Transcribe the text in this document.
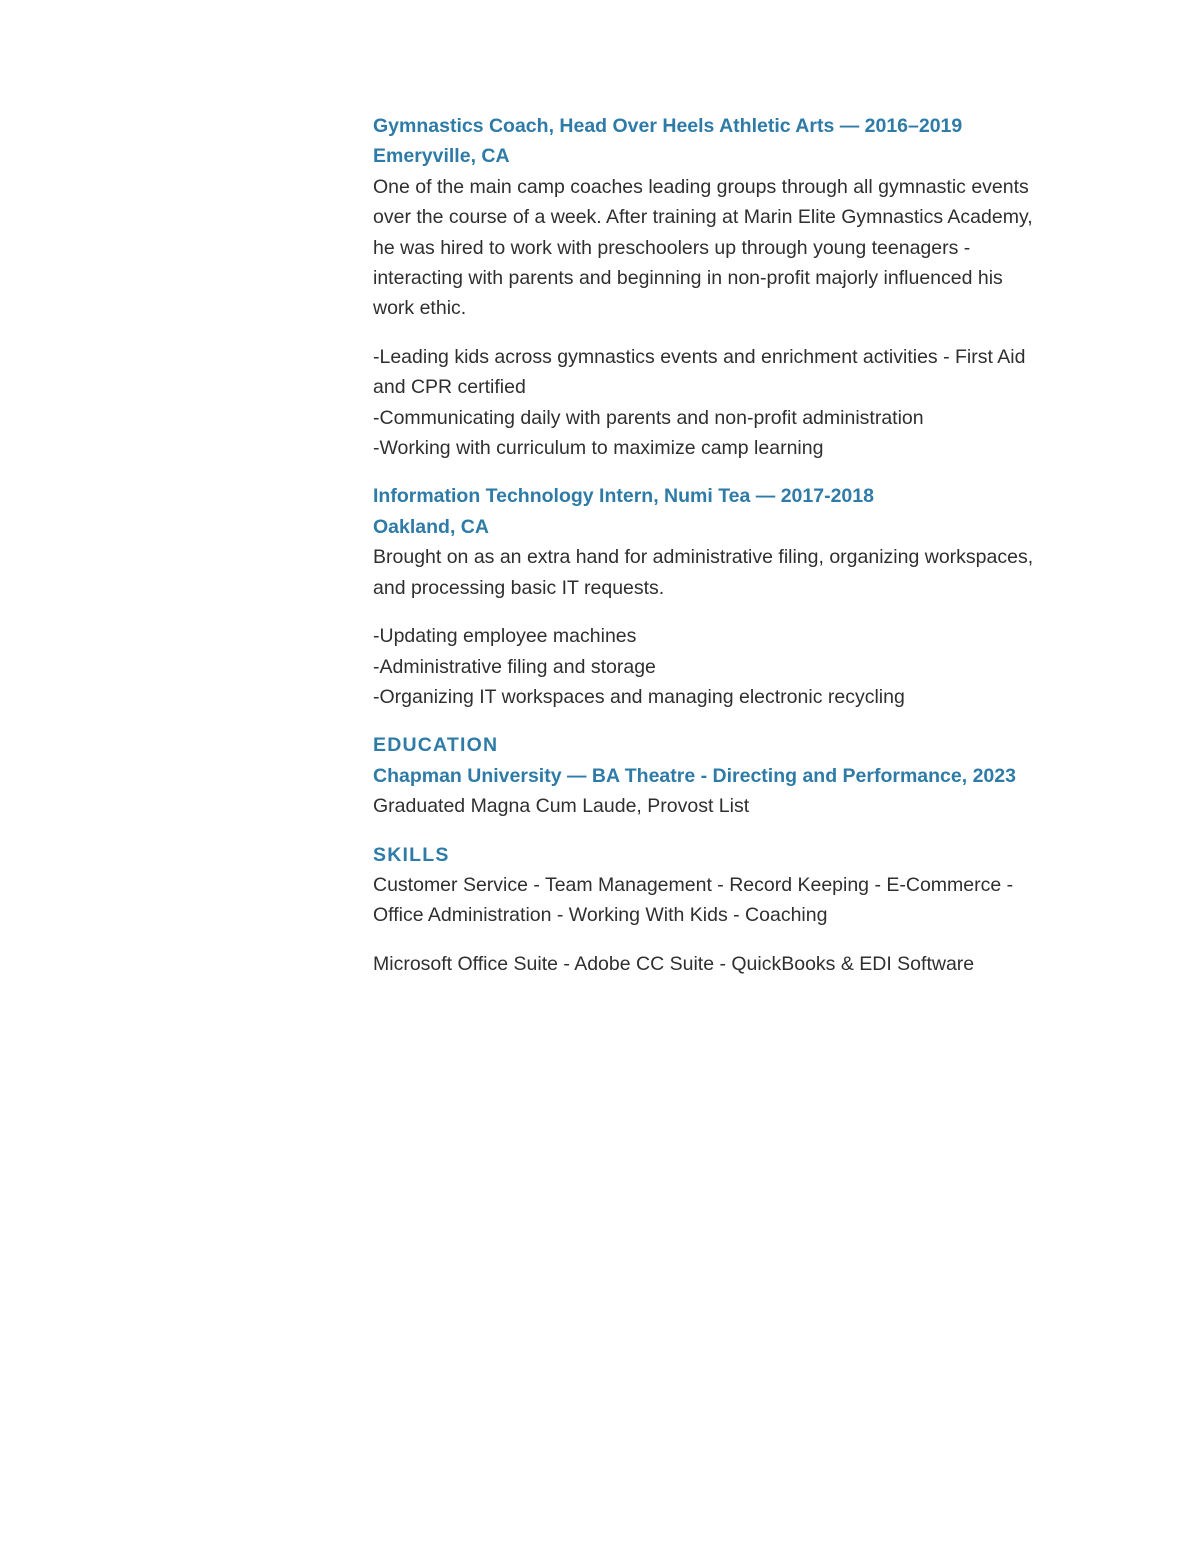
Gymnastics Coach, Head Over Heels Athletic Arts — 2016–2019

Emeryville, CA

One of the main camp coaches leading groups through all gymnastic events

over the course of a week. After training at Marin Elite Gymnastics Academy,

he was hired to work with preschoolers up through young teenagers -

interacting with parents and beginning in non-profit majorly influenced his

work ethic.

-Leading kids across gymnastics events and enrichment activities - First Aid

and CPR certified

-Communicating daily with parents and non-profit administration

-Working with curriculum to maximize camp learning

Information Technology Intern, Numi Tea — 2017-2018

Oakland, CA

Brought on as an extra hand for administrative filing, organizing workspaces,

and processing basic IT requests.

-Updating employee machines

-Administrative filing and storage

-Organizing IT workspaces and managing electronic recycling

EDUCATION

Chapman University — BA Theatre - Directing and Performance, 2023

Graduated Magna Cum Laude, Provost List

SKILLS

Customer Service - Team Management - Record Keeping - E-Commerce -

Office Administration - Working With Kids - Coaching

Microsoft Office Suite - Adobe CC Suite - QuickBooks & EDI Software
